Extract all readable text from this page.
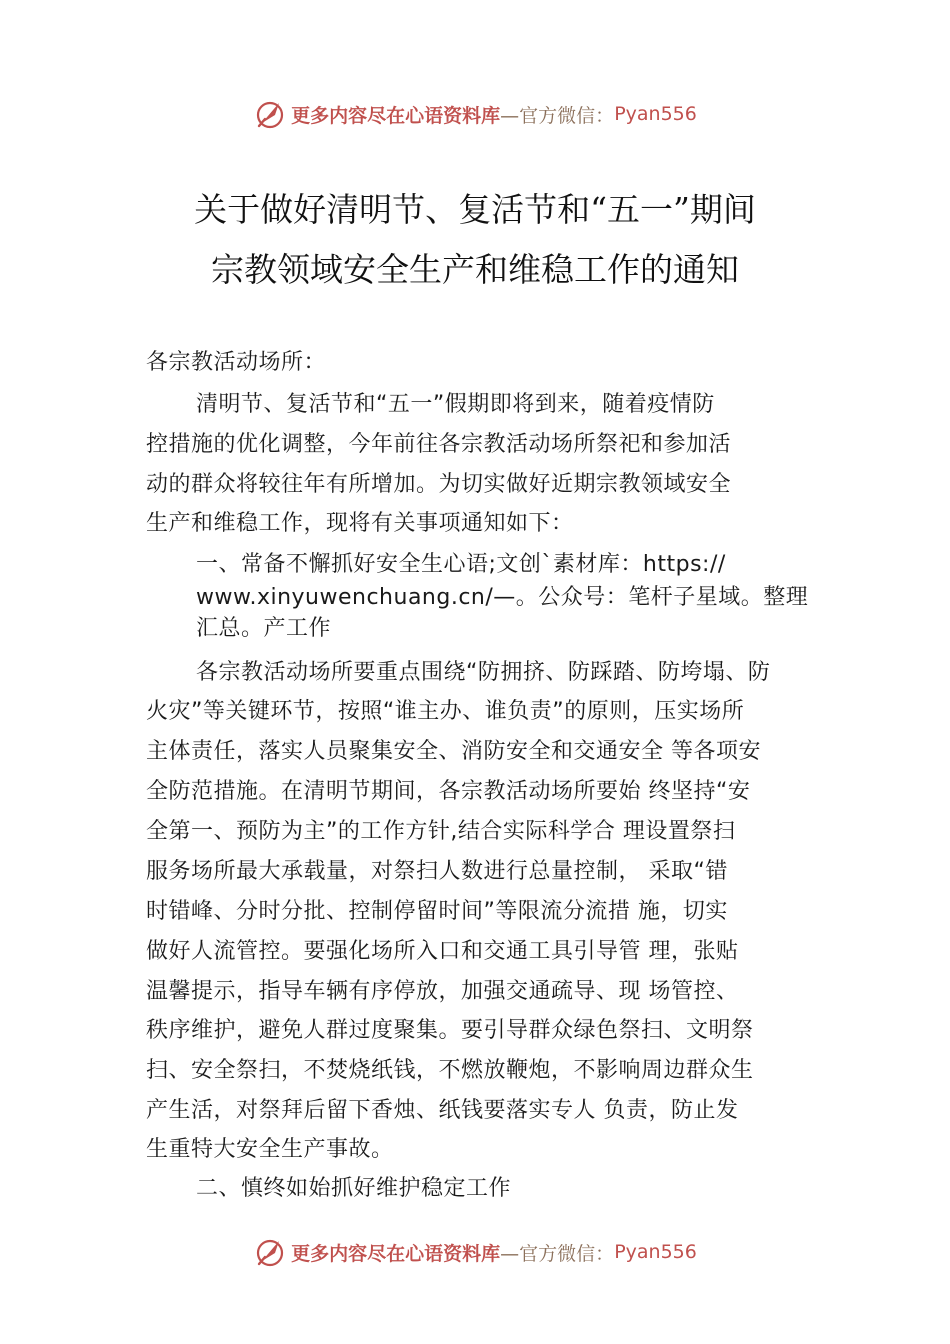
更多内容尽在心语资料库 —官方微信： Pyan556
关于做好清明节、复活节和“五一”期间
宗教领域安全生产和维稳工作的通知
各宗教活动场所：
清明节、复活节和“五一”假期即将到来，随着疫情防
控措施的优化调整，今年前往各宗教活动场所祭祀和参加活
动的群众将较往年有所增加。为切实做好近期宗教领域安全
生产和维稳工作，现将有关事项通知如下：
一、常备不懈抓好安全生心语;文创`素材库：https://
www.xinyuwenchuang.cn/—。公众号：笔杆子星域。整理
汇总。产工作
各宗教活动场所要重点围绕“防拥挤、防踩踏、防垮塌、防
火灾”等关键环节，按照“谁主办、谁负责”的原则，压实场所
主体责任，落实人员聚集安全、消防安全和交通安全 等各项安
全防范措施。在清明节期间，各宗教活动场所要始 终坚持“安
全第一、预防为主”的工作方针,结合实际科学合 理设置祭扫
服务场所最大承载量，对祭扫人数进行总量控制， 采取“错
时错峰、分时分批、控制停留时间”等限流分流措 施，切实
做好人流管控。要强化场所入口和交通工具引导管 理，张贴
温馨提示，指导车辆有序停放，加强交通疏导、现 场管控、
秩序维护，避免人群过度聚集。要引导群众绿色祭扫、文明祭
扫、安全祭扫，不焚烧纸钱，不燃放鞭炮，不影响周边群众生
产生活，对祭拜后留下香烛、纸钱要落实专人 负责，防止发
生重特大安全生产事故。
二、慎终如始抓好维护稳定工作
更多内容尽在心语资料库 —官方微信： Pyan556
